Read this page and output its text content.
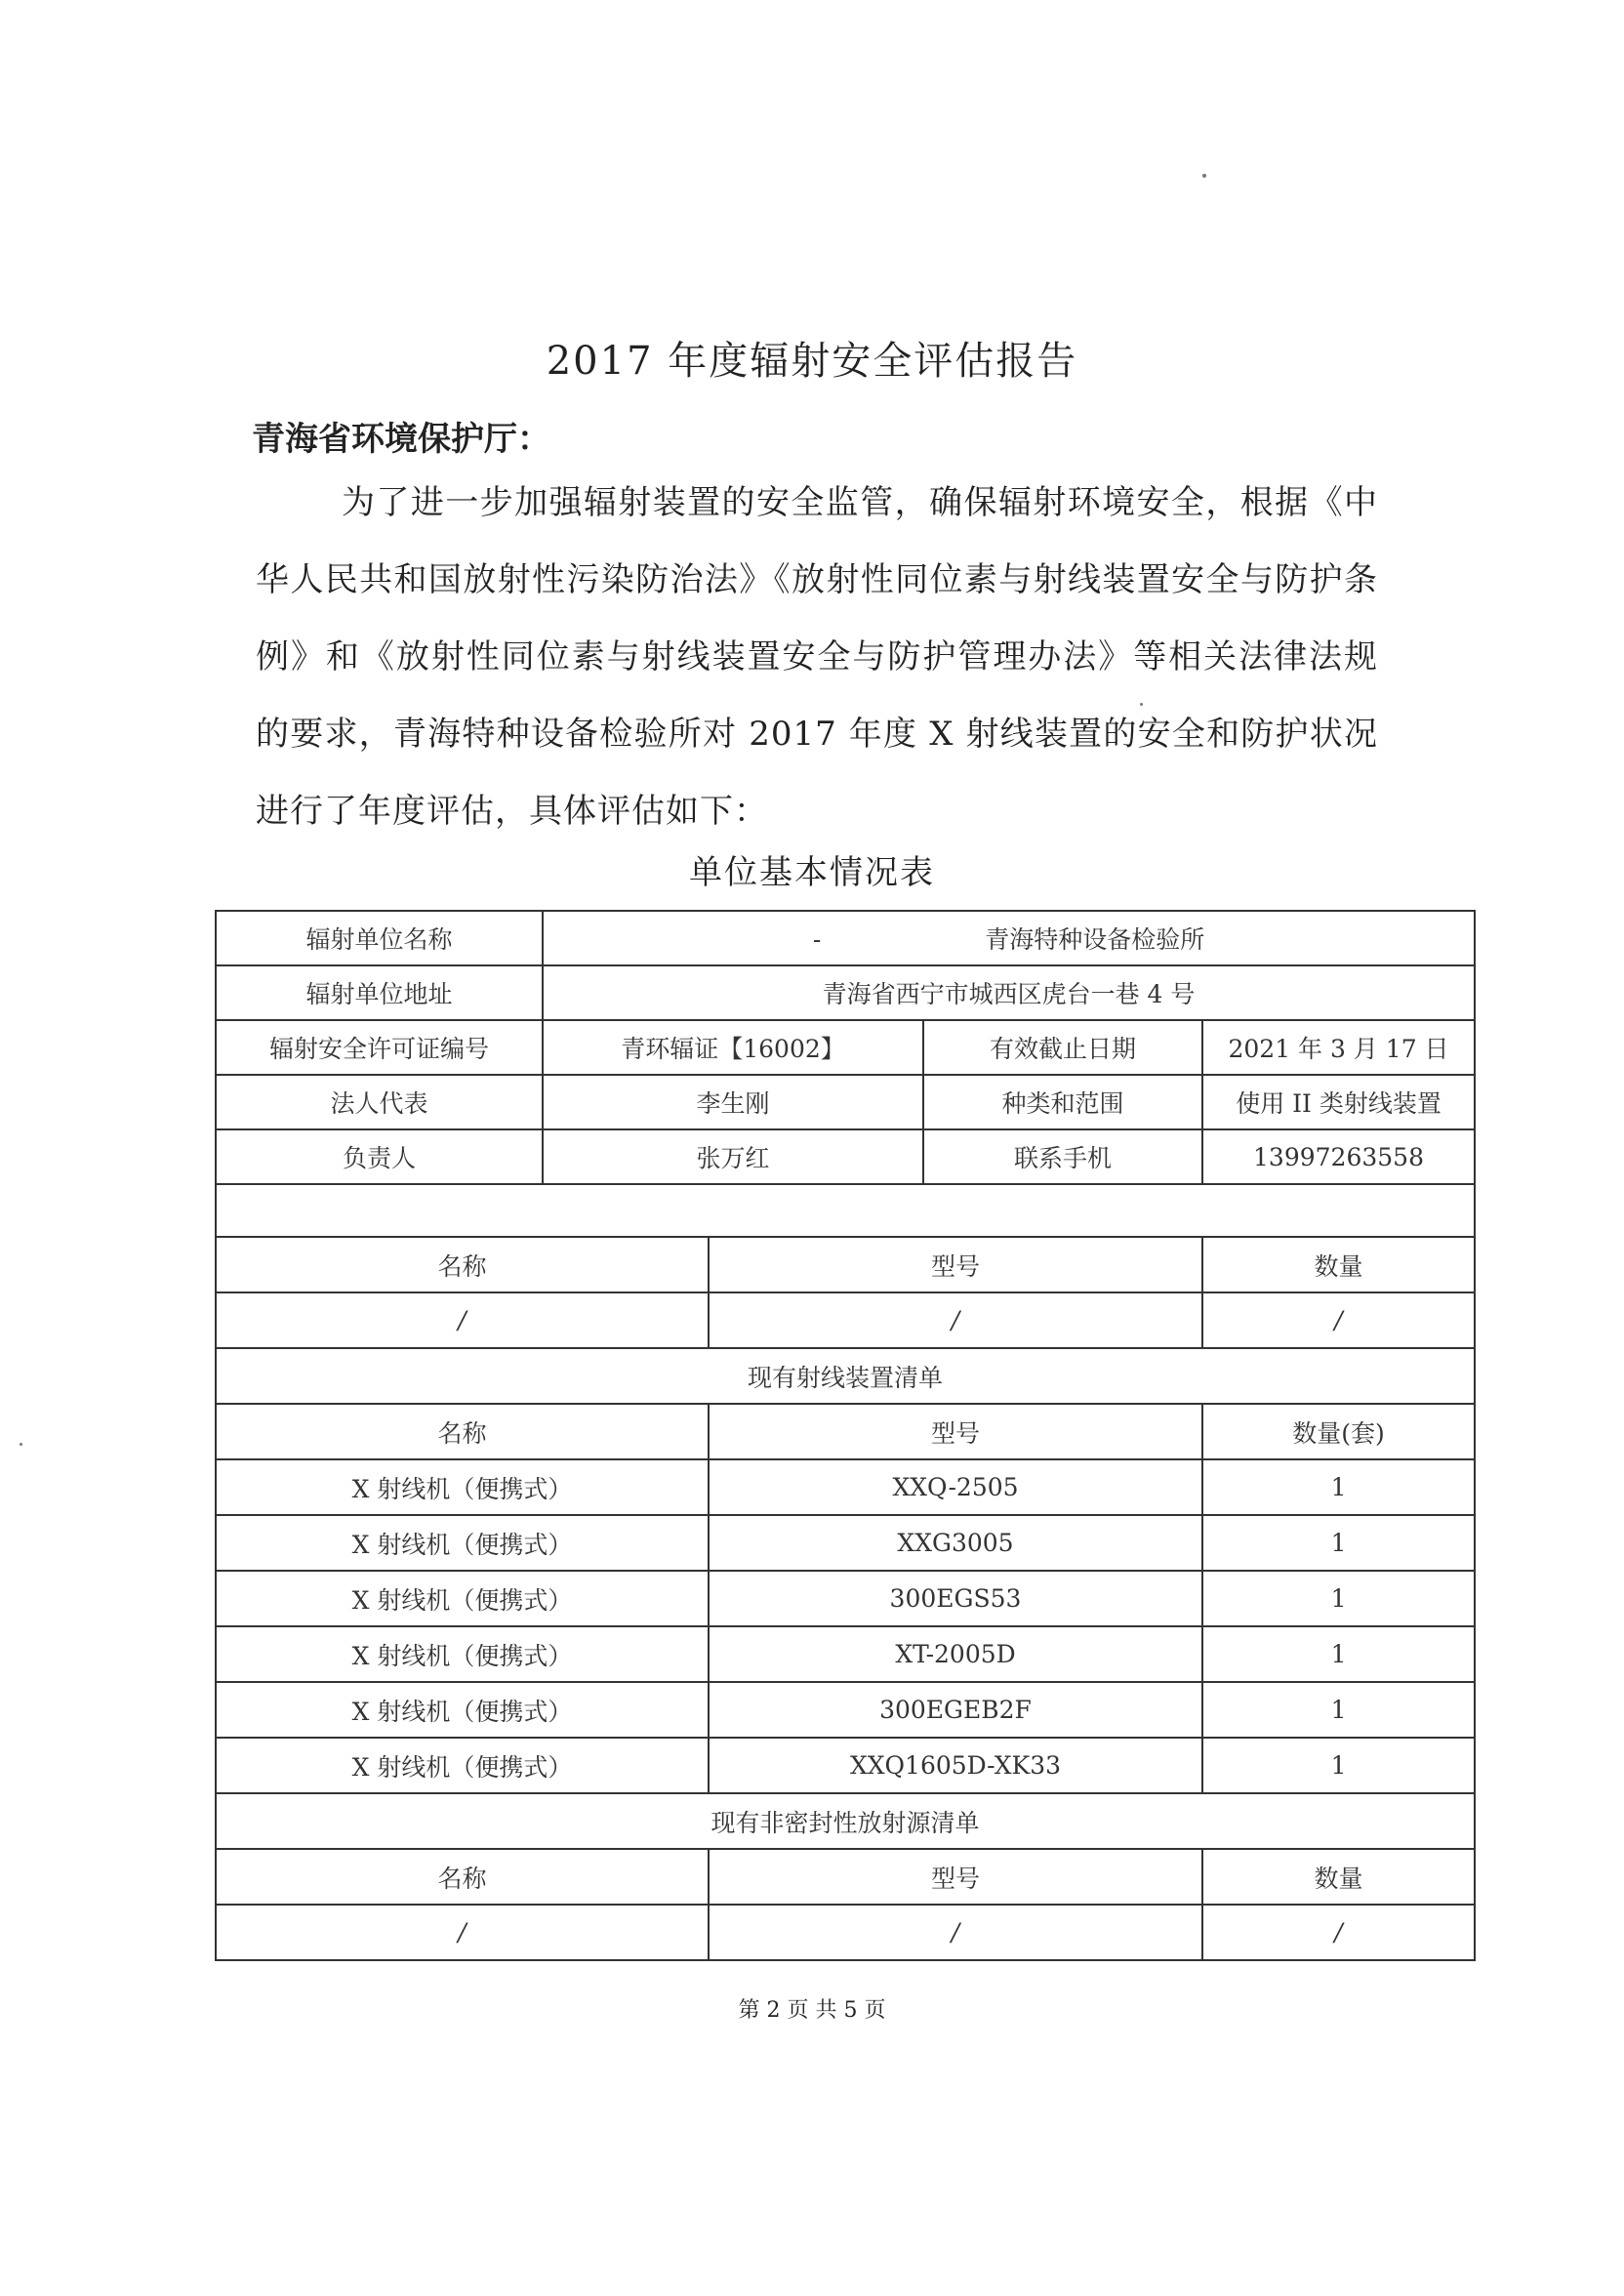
2017 年度辐射安全评估报告
青海省环境保护厅：
为了进一步加强辐射装置的安全监管，确保辐射环境安全，根据《中华人民共和国放射性污染防治法》《放射性同位素与射线装置安全与防护条例》和《放射性同位素与射线装置安全与防护管理办法》等相关法律法规的要求，青海特种设备检验所对 2017 年度 X 射线装置的安全和防护状况进行了年度评估，具体评估如下：
单位基本情况表
辐射单位名称	- 青海特种设备检验所			
辐射单位地址	青海省西宁市城西区虎台一巷 4 号			
辐射安全许可证编号	青环辐证【16002】		有效截止日期	2021 年 3 月 17 日
法人代表	李生刚		种类和范围	使用 II 类射线装置
负责人	张万红		联系手机	13997263558

名称		型号		数量
/		/		/
现有射线装置清单				
名称		型号		数量(套)
X 射线机（便携式）		XXQ-2505		1
X 射线机（便携式）		XXG3005		1
X 射线机（便携式）		300EGS53		1
X 射线机（便携式）		XT-2005D		1
X 射线机（便携式）		300EGEB2F		1
X 射线机（便携式）		XXQ1605D-XK33		1
现有非密封性放射源清单				
名称		型号		数量
/		/		/
第 2 页 共 5 页
